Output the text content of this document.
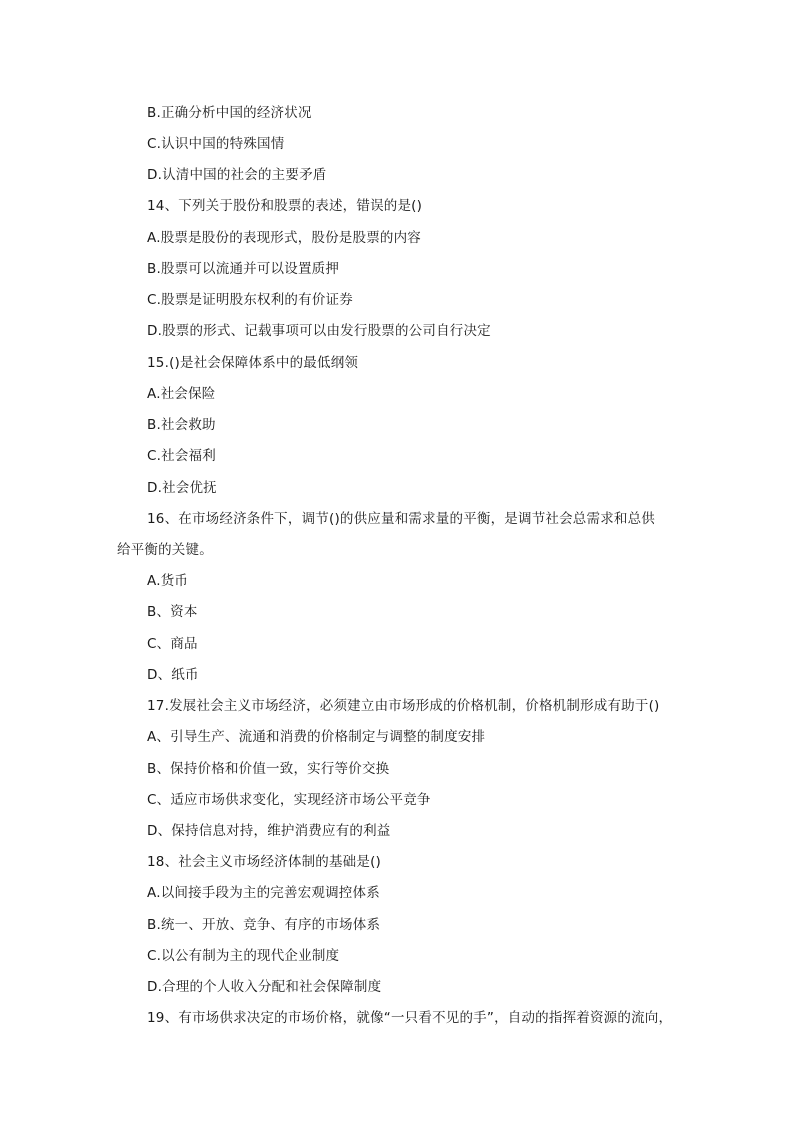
B.正确分析中国的经济状况
C.认识中国的特殊国情
D.认清中国的社会的主要矛盾
14、下列关于股份和股票的表述，错误的是()
A.股票是股份的表现形式，股份是股票的内容
B.股票可以流通并可以设置质押
C.股票是证明股东权利的有价证券
D.股票的形式、记载事项可以由发行股票的公司自行决定
15.()是社会保障体系中的最低纲领
A.社会保险
B.社会救助
C.社会福利
D.社会优抚
16、在市场经济条件下，调节()的供应量和需求量的平衡，是调节社会总需求和总供
给平衡的关键。
A.货币
B、资本
C、商品
D、纸币
17.发展社会主义市场经济，必须建立由市场形成的价格机制，价格机制形成有助于()
A、引导生产、流通和消费的价格制定与调整的制度安排
B、保持价格和价值一致，实行等价交换
C、适应市场供求变化，实现经济市场公平竞争
D、保持信息对持，维护消费应有的利益
18、社会主义市场经济体制的基础是()
A.以间接手段为主的完善宏观调控体系
B.统一、开放、竞争、有序的市场体系
C.以公有制为主的现代企业制度
D.合理的个人收入分配和社会保障制度
19、有市场供求决定的市场价格，就像“一只看不见的手”，自动的指挥着资源的流向，
